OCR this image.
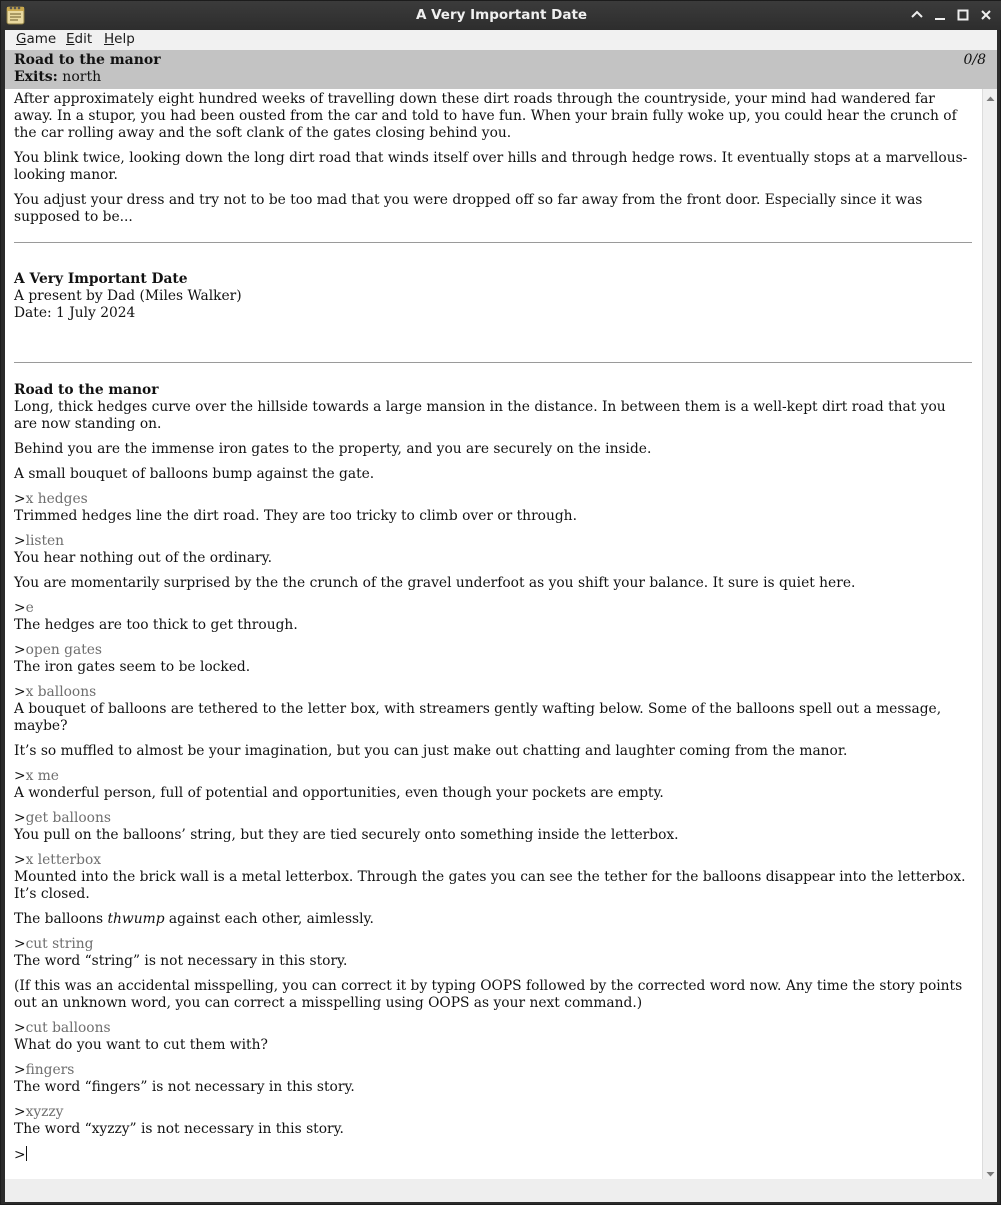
A Very Important Date
Game Edit Help
Road to the manor
Exits: north
0/8

After approximately eight hundred weeks of travelling down these dirt roads through the countryside, your mind had wandered far away. In a stupor, you had been ousted from the car and told to have fun. When your brain fully woke up, you could hear the crunch of the car rolling away and the soft clank of the gates closing behind you.

You blink twice, looking down the long dirt road that winds itself over hills and through hedge rows. It eventually stops at a marvellous-looking manor.

You adjust your dress and try not to be too mad that you were dropped off so far away from the front door. Especially since it was supposed to be...

A Very Important Date
A present by Dad (Miles Walker)
Date: 1 July 2024
Road to the manor

Long, thick hedges curve over the hillside towards a large mansion in the distance. In between them is a well-kept dirt road that you are now standing on.

Behind you are the immense iron gates to the property, and you are securely on the inside.

A small bouquet of balloons bump against the gate.

>x hedges

Trimmed hedges line the dirt road. They are too tricky to climb over or through.

>listen

You hear nothing out of the ordinary.

You are momentarily surprised by the the crunch of the gravel underfoot as you shift your balance. It sure is quiet here.

>e

The hedges are too thick to get through.

>open gates

The iron gates seem to be locked.

>x balloons

A bouquet of balloons are tethered to the letter box, with streamers gently wafting below. Some of the balloons spell out a message, maybe?

It’s so muffled to almost be your imagination, but you can just make out chatting and laughter coming from the manor.

>x me

A wonderful person, full of potential and opportunities, even though your pockets are empty.

>get balloons

You pull on the balloons’ string, but they are tied securely onto something inside the letterbox.

>x letterbox

Mounted into the brick wall is a metal letterbox. Through the gates you can see the tether for the balloons disappear into the letterbox. It’s closed.

The balloons thwump against each other, aimlessly.

>cut string

The word “string” is not necessary in this story.

(If this was an accidental misspelling, you can correct it by typing OOPS followed by the corrected word now. Any time the story points out an unknown word, you can correct a misspelling using OOPS as your next command.)

>cut balloons

What do you want to cut them with?

>fingers

The word “fingers” is not necessary in this story.

>xyzzy

The word “xyzzy” is not necessary in this story.

>
